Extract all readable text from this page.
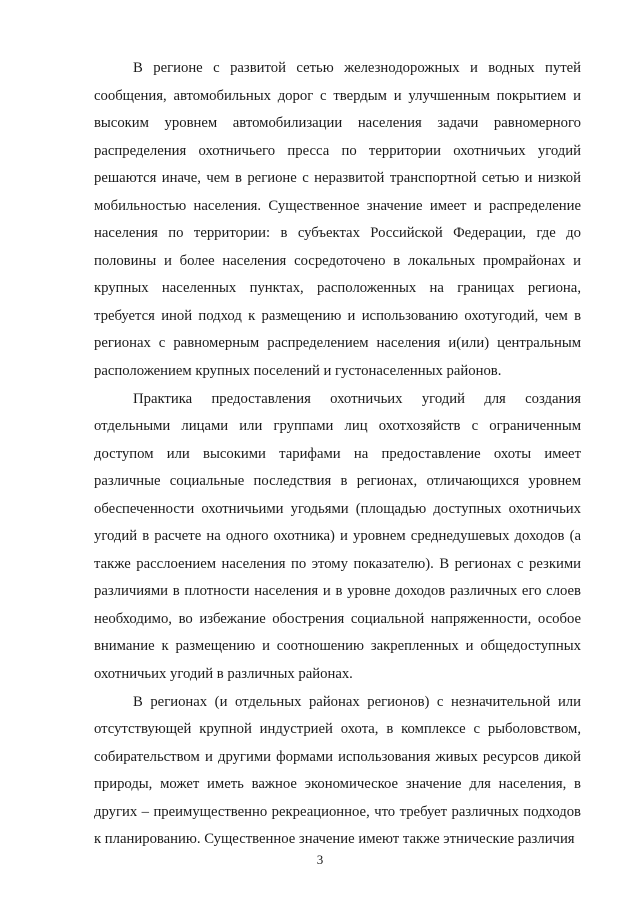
В регионе с развитой сетью железнодорожных и водных путей сообщения, автомобильных дорог с твердым и улучшенным покрытием и высоким уровнем автомобилизации населения задачи равномерного распределения охотничьего пресса по территории охотничьих угодий решаются иначе, чем в регионе с неразвитой транспортной сетью и низкой мобильностью населения. Существенное значение имеет и распределение населения по территории: в субъектах Российской Федерации, где до половины и более населения сосредоточено в локальных промрайонах и крупных населенных пунктах, расположенных на границах региона, требуется иной подход к размещению и использованию охотугодий, чем в регионах с равномерным распределением населения и(или) центральным расположением крупных поселений и густонаселенных районов.

Практика предоставления охотничьих угодий для создания отдельными лицами или группами лиц охотхозяйств с ограниченным доступом или высокими тарифами на предоставление охоты имеет различные социальные последствия в регионах, отличающихся уровнем обеспеченности охотничьими угодьями (площадью доступных охотничьих угодий в расчете на одного охотника) и уровнем среднедушевых доходов (а также расслоением населения по этому показателю). В регионах с резкими различиями в плотности населения и в уровне доходов различных его слоев необходимо, во избежание обострения социальной напряженности, особое внимание к размещению и соотношению закрепленных и общедоступных охотничьих угодий в различных районах.

В регионах (и отдельных районах регионов) с незначительной или отсутствующей крупной индустрией охота, в комплексе с рыболовством, собирательством и другими формами использования живых ресурсов дикой природы, может иметь важное экономическое значение для населения, в других – преимущественно рекреационное, что требует различных подходов к планированию. Существенное значение имеют также этнические различия

3
